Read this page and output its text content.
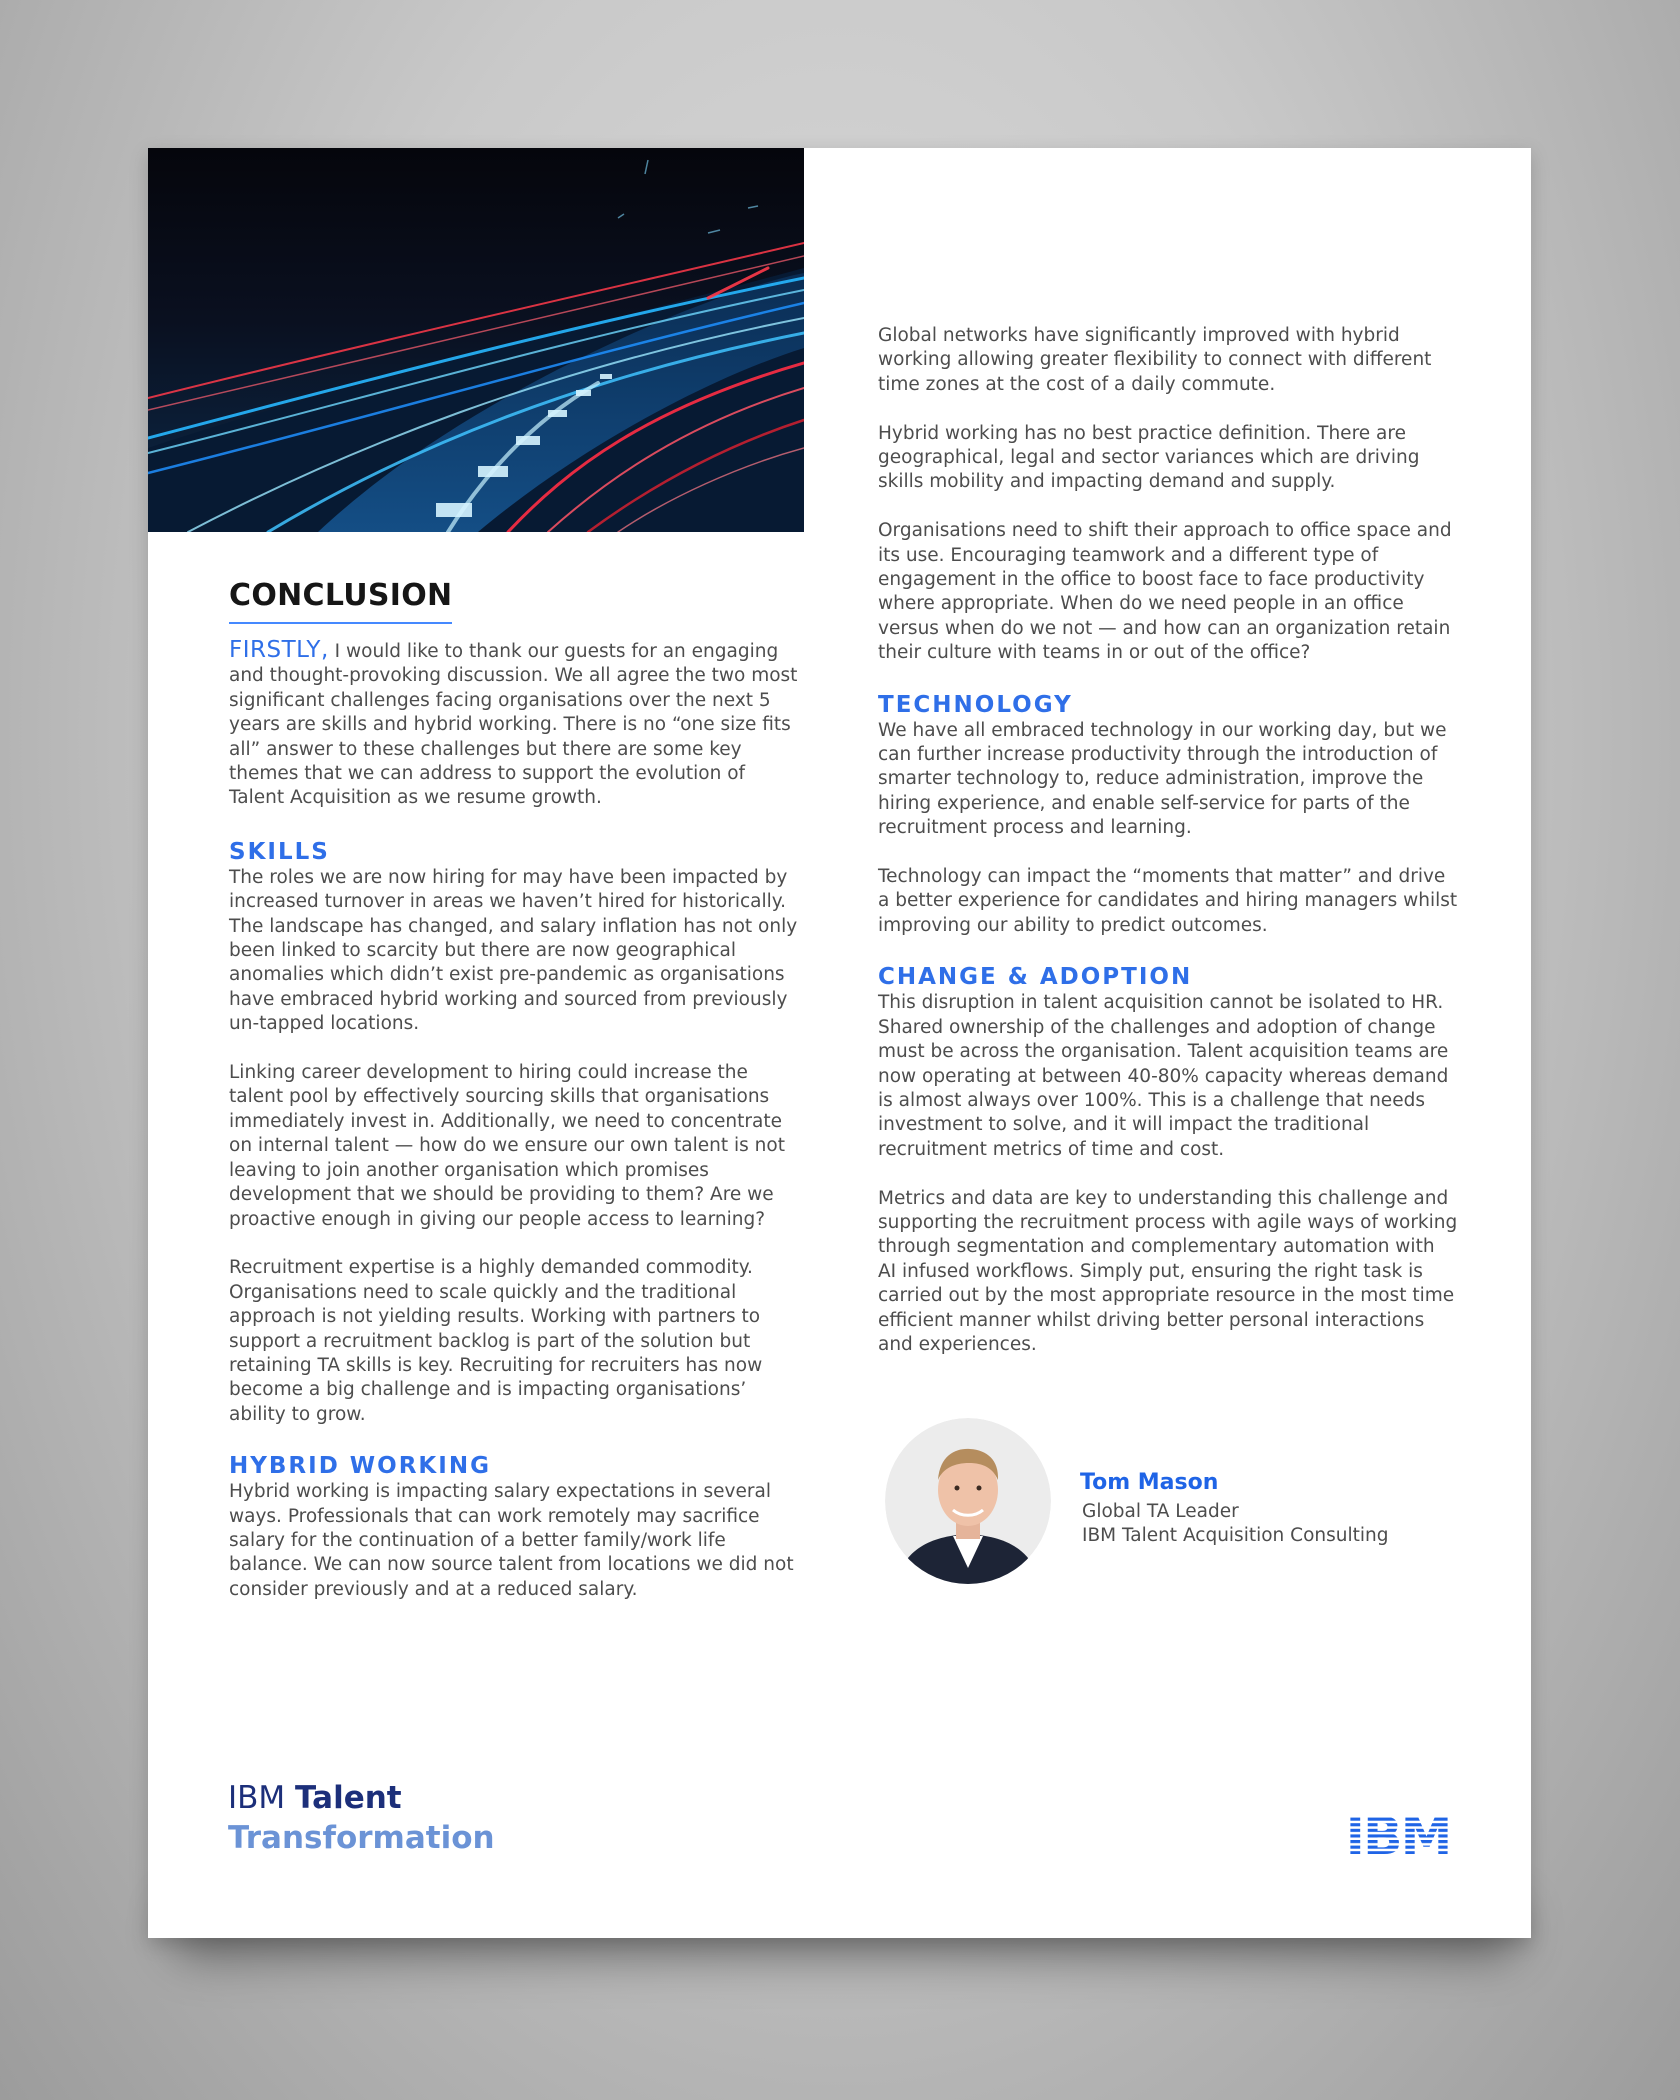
CONCLUSION

FIRSTLY, I would like to thank our guests for an engaging and thought-provoking discussion. We all agree the two most significant challenges facing organisations over the next 5 years are skills and hybrid working. There is no “one size fits all” answer to these challenges but there are some key themes that we can address to support the evolution of Talent Acquisition as we resume growth.

SKILLS

The roles we are now hiring for may have been impacted by increased turnover in areas we haven’t hired for historically. The landscape has changed, and salary inflation has not only been linked to scarcity but there are now geographical anomalies which didn’t exist pre-pandemic as organisations have embraced hybrid working and sourced from previously un-tapped locations.

Linking career development to hiring could increase the talent pool by effectively sourcing skills that organisations immediately invest in. Additionally, we need to concentrate on internal talent — how do we ensure our own talent is not leaving to join another organisation which promises development that we should be providing to them? Are we proactive enough in giving our people access to learning?

Recruitment expertise is a highly demanded commodity. Organisations need to scale quickly and the traditional approach is not yielding results. Working with partners to support a recruitment backlog is part of the solution but retaining TA skills is key. Recruiting for recruiters has now become a big challenge and is impacting organisations’ ability to grow.

HYBRID WORKING

Hybrid working is impacting salary expectations in several ways. Professionals that can work remotely may sacrifice salary for the continuation of a better family/work life balance. We can now source talent from locations we did not consider previously and at a reduced salary.

Global networks have significantly improved with hybrid working allowing greater flexibility to connect with different time zones at the cost of a daily commute.

Hybrid working has no best practice definition. There are geographical, legal and sector variances which are driving skills mobility and impacting demand and supply.

Organisations need to shift their approach to office space and its use. Encouraging teamwork and a different type of engagement in the office to boost face to face productivity where appropriate. When do we need people in an office versus when do we not — and how can an organization retain their culture with teams in or out of the office?

TECHNOLOGY

We have all embraced technology in our working day, but we can further increase productivity through the introduction of smarter technology to, reduce administration, improve the hiring experience, and enable self-service for parts of the recruitment process and learning.

Technology can impact the “moments that matter” and drive a better experience for candidates and hiring managers whilst improving our ability to predict outcomes.

CHANGE & ADOPTION

This disruption in talent acquisition cannot be isolated to HR. Shared ownership of the challenges and adoption of change must be across the organisation. Talent acquisition teams are now operating at between 40-80% capacity whereas demand is almost always over 100%. This is a challenge that needs investment to solve, and it will impact the traditional recruitment metrics of time and cost.

Metrics and data are key to understanding this challenge and supporting the recruitment process with agile ways of working through segmentation and complementary automation with AI infused workflows. Simply put, ensuring the right task is carried out by the most appropriate resource in the most time efficient manner whilst driving better personal interactions and experiences.

Tom Mason

Global TA Leader

IBM Talent Acquisition Consulting

IBM Talent
Transformation	IBM
